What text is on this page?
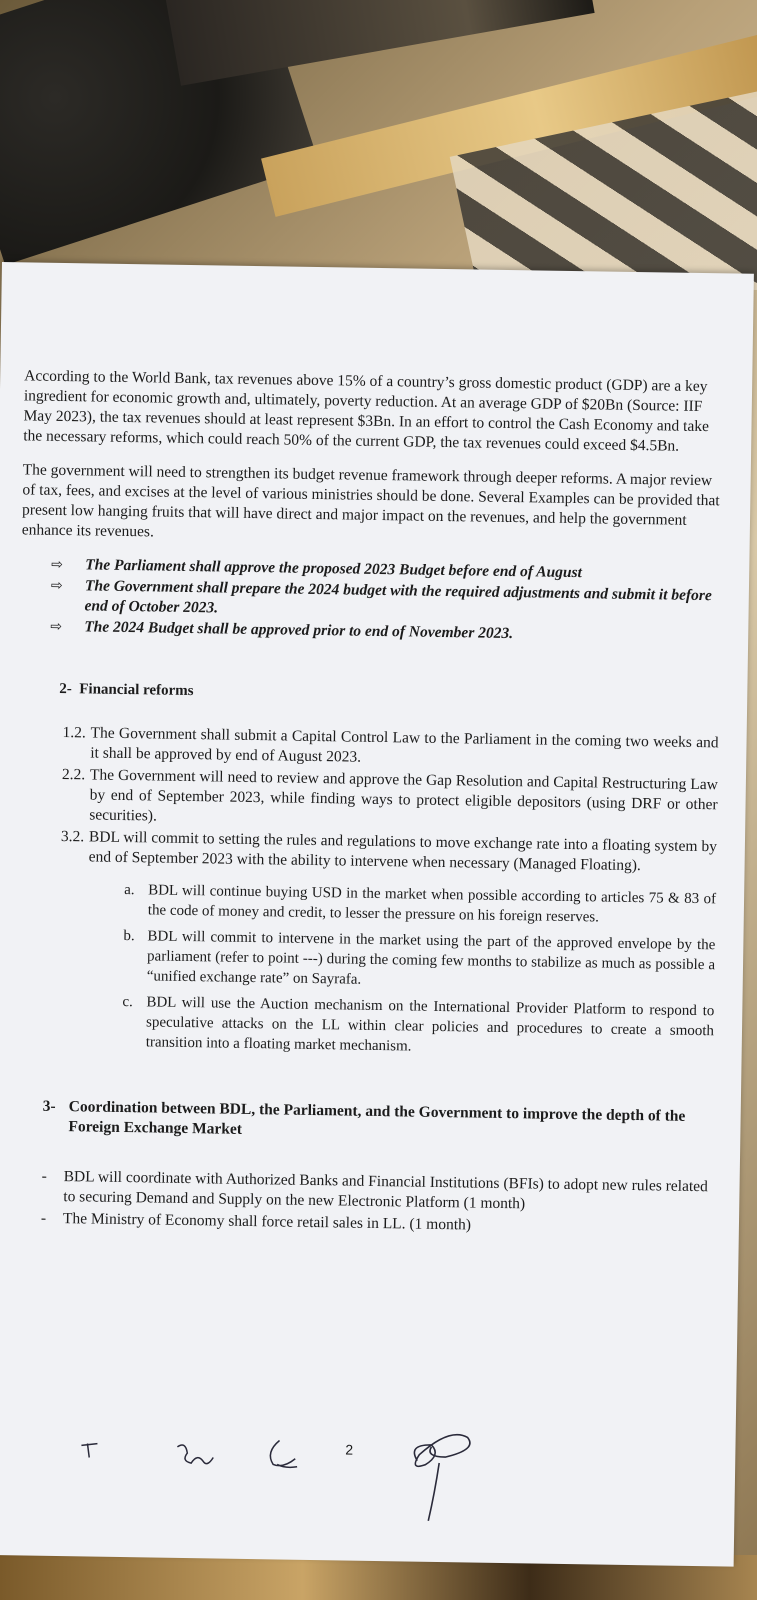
According to the World Bank, tax revenues above 15% of a country’s gross domestic product (GDP) are a key ingredient for economic growth and, ultimately, poverty reduction. At an average GDP of $20Bn (Source: IIF May 2023), the tax revenues should at least represent $3Bn. In an effort to control the Cash Economy and take the necessary reforms, which could reach 50% of the current GDP, the tax revenues could exceed $4.5Bn.

The government will need to strengthen its budget revenue framework through deeper reforms. A major review of tax, fees, and excises at the level of various ministries should be done. Several Examples can be provided that present low hanging fruits that will have direct and major impact on the revenues, and help the government enhance its revenues.

⇨ The Parliament shall approve the proposed 2023 Budget before end of August
⇨ The Government shall prepare the 2024 budget with the required adjustments and submit it before end of October 2023.
⇨ The 2024 Budget shall be approved prior to end of November 2023.
2- Financial reforms
1.2. The Government shall submit a Capital Control Law to the Parliament in the coming two weeks and it shall be approved by end of August 2023.
2.2. The Government will need to review and approve the Gap Resolution and Capital Restructuring Law by end of September 2023, while finding ways to protect eligible depositors (using DRF or other securities).
3.2. BDL will commit to setting the rules and regulations to move exchange rate into a floating system by end of September 2023 with the ability to intervene when necessary (Managed Floating).
a. BDL will continue buying USD in the market when possible according to articles 75 & 83 of the code of money and credit, to lesser the pressure on his foreign reserves.
b. BDL will commit to intervene in the market using the part of the approved envelope by the parliament (refer to point ---) during the coming few months to stabilize as much as possible a “unified exchange rate” on Sayrafa.
c. BDL will use the Auction mechanism on the International Provider Platform to respond to speculative attacks on the LL within clear policies and procedures to create a smooth transition into a floating market mechanism.
3- Coordination between BDL, the Parliament, and the Government to improve the depth of the Foreign Exchange Market
- BDL will coordinate with Authorized Banks and Financial Institutions (BFIs) to adopt new rules related to securing Demand and Supply on the new Electronic Platform (1 month)
- The Ministry of Economy shall force retail sales in LL. (1 month)
2
